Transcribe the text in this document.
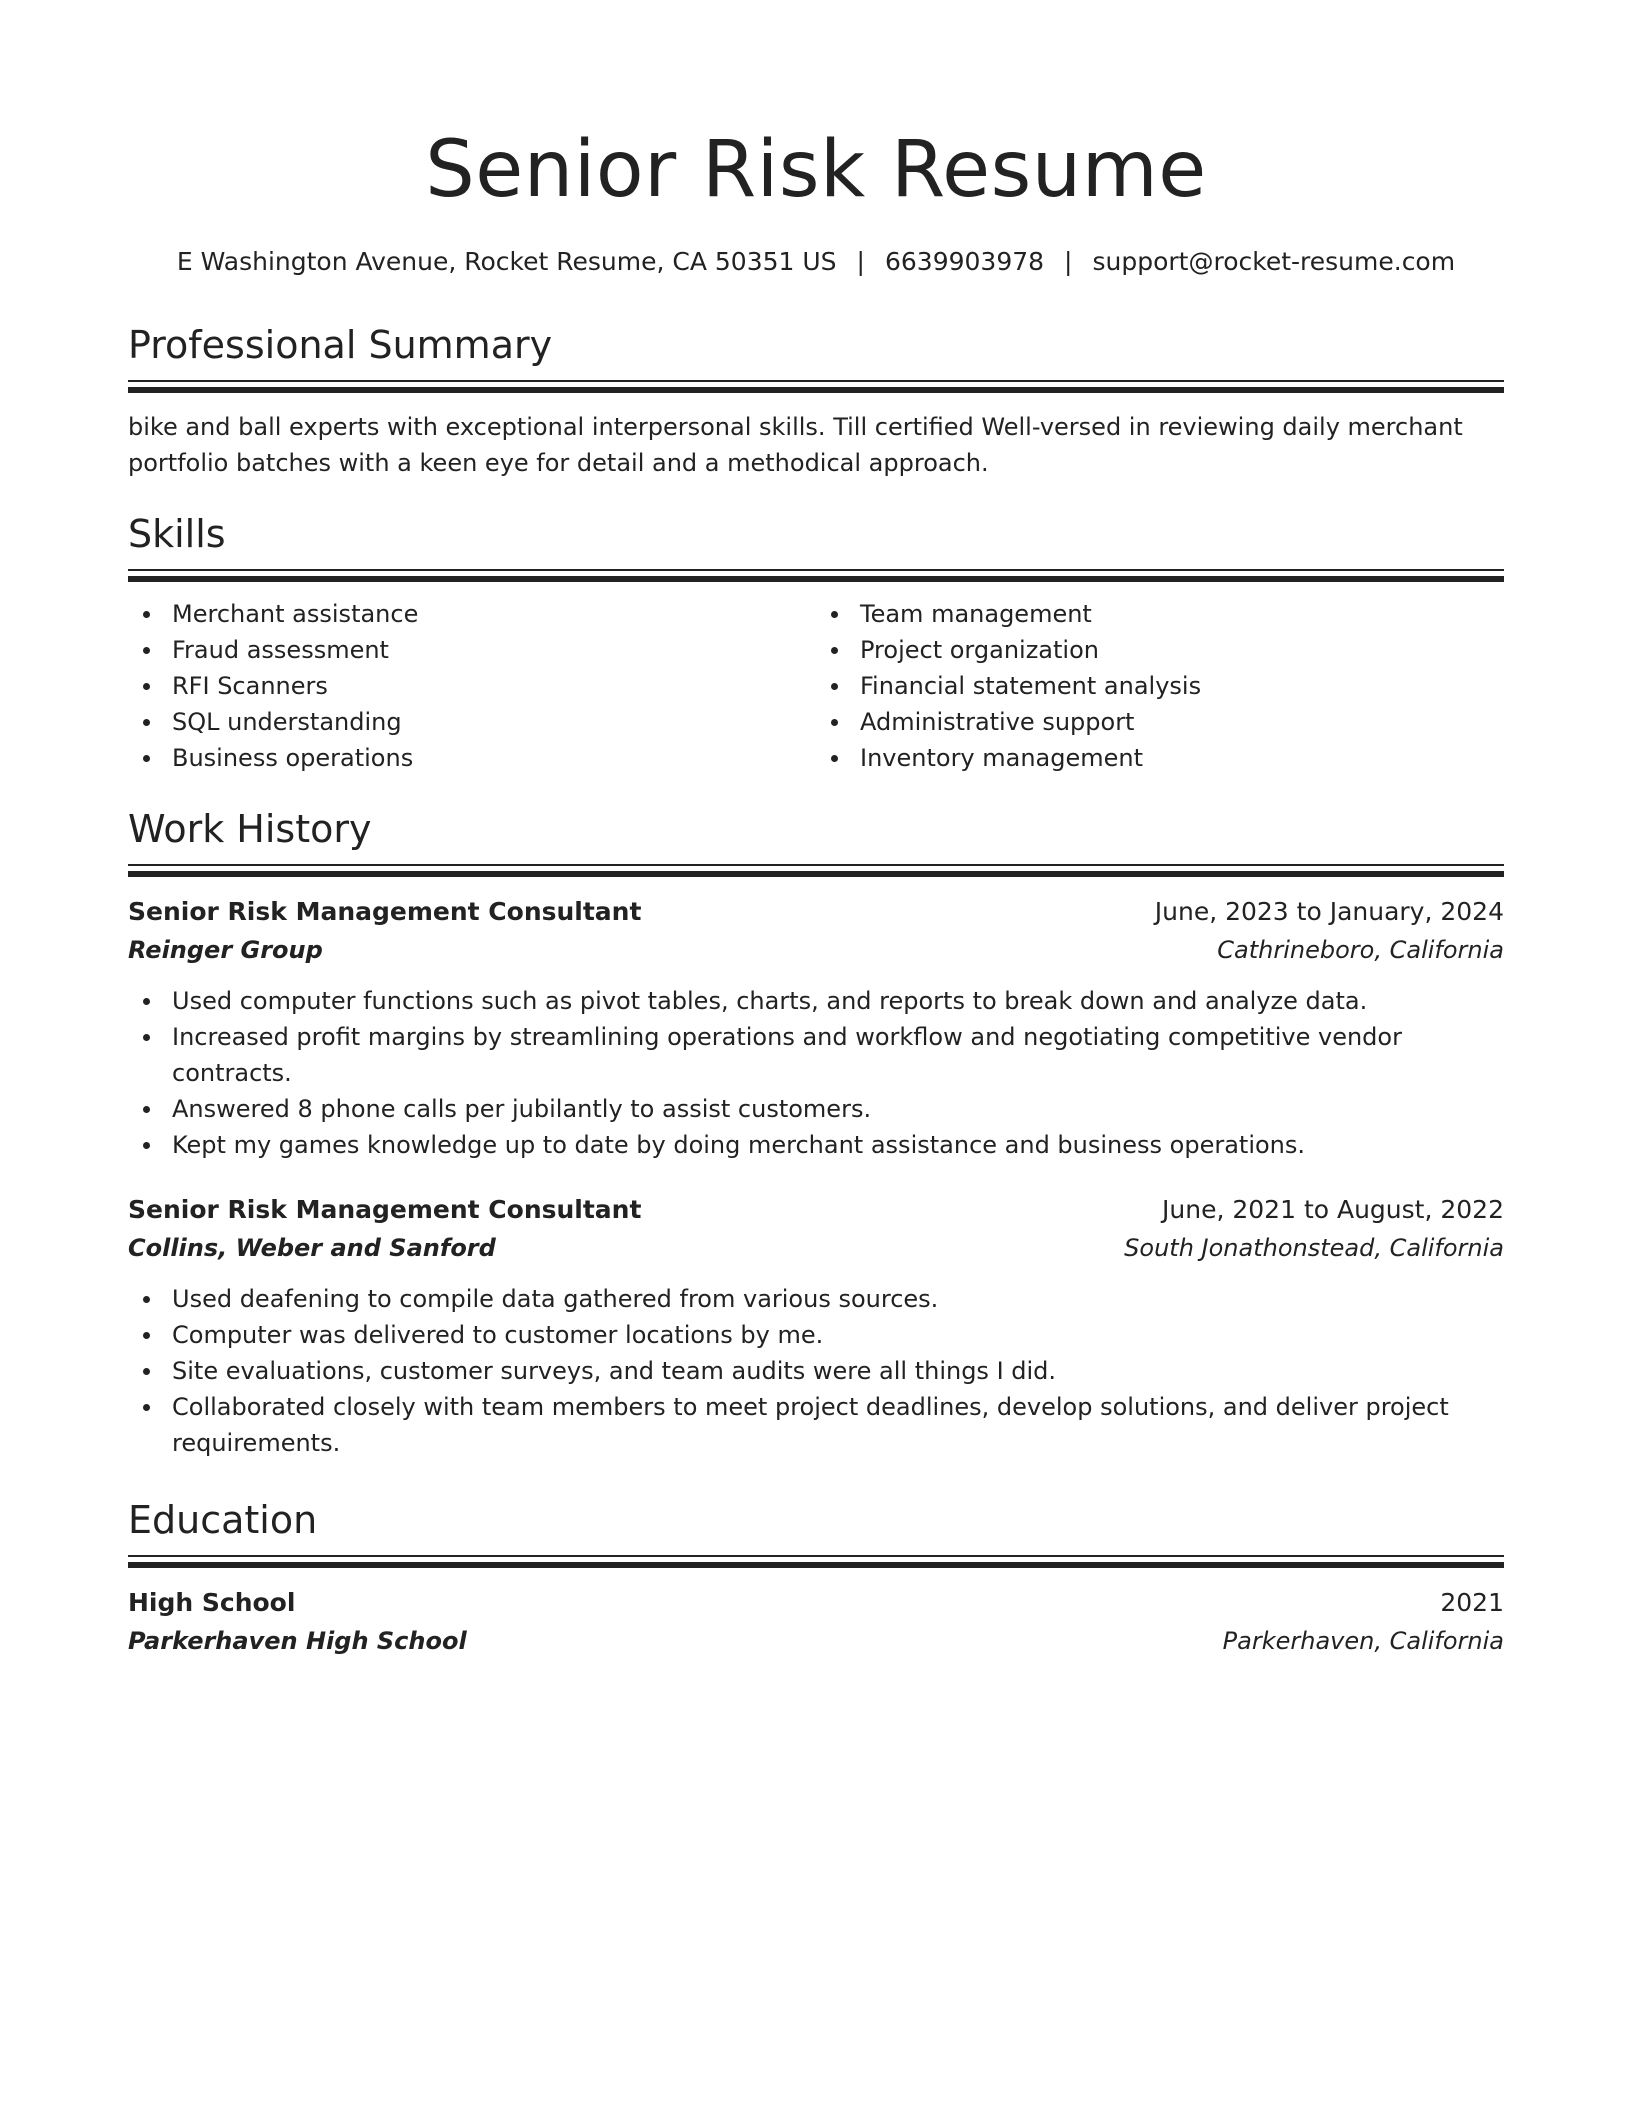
Senior Risk Resume
E Washington Avenue, Rocket Resume, CA 50351 US | 6639903978 | support@rocket-resume.com
Professional Summary

bike and ball experts with exceptional interpersonal skills. Till certified Well-versed in reviewing daily merchant portfolio batches with a keen eye for detail and a methodical approach.

Skills
Merchant assistance
Fraud assessment
RFI Scanners
SQL understanding
Business operations
Team management
Project organization
Financial statement analysis
Administrative support
Inventory management
Work History
Senior Risk Management Consultant	June, 2023 to January, 2024
Reinger Group	Cathrineboro, California
Used computer functions such as pivot tables, charts, and reports to break down and analyze data.
Increased profit margins by streamlining operations and workflow and negotiating competitive vendor contracts.
Answered 8 phone calls per jubilantly to assist customers.
Kept my games knowledge up to date by doing merchant assistance and business operations.
Senior Risk Management Consultant	June, 2021 to August, 2022
Collins, Weber and Sanford	South Jonathonstead, California
Used deafening to compile data gathered from various sources.
Computer was delivered to customer locations by me.
Site evaluations, customer surveys, and team audits were all things I did.
Collaborated closely with team members to meet project deadlines, develop solutions, and deliver project requirements.
Education
High School	2021
Parkerhaven High School	Parkerhaven, California
